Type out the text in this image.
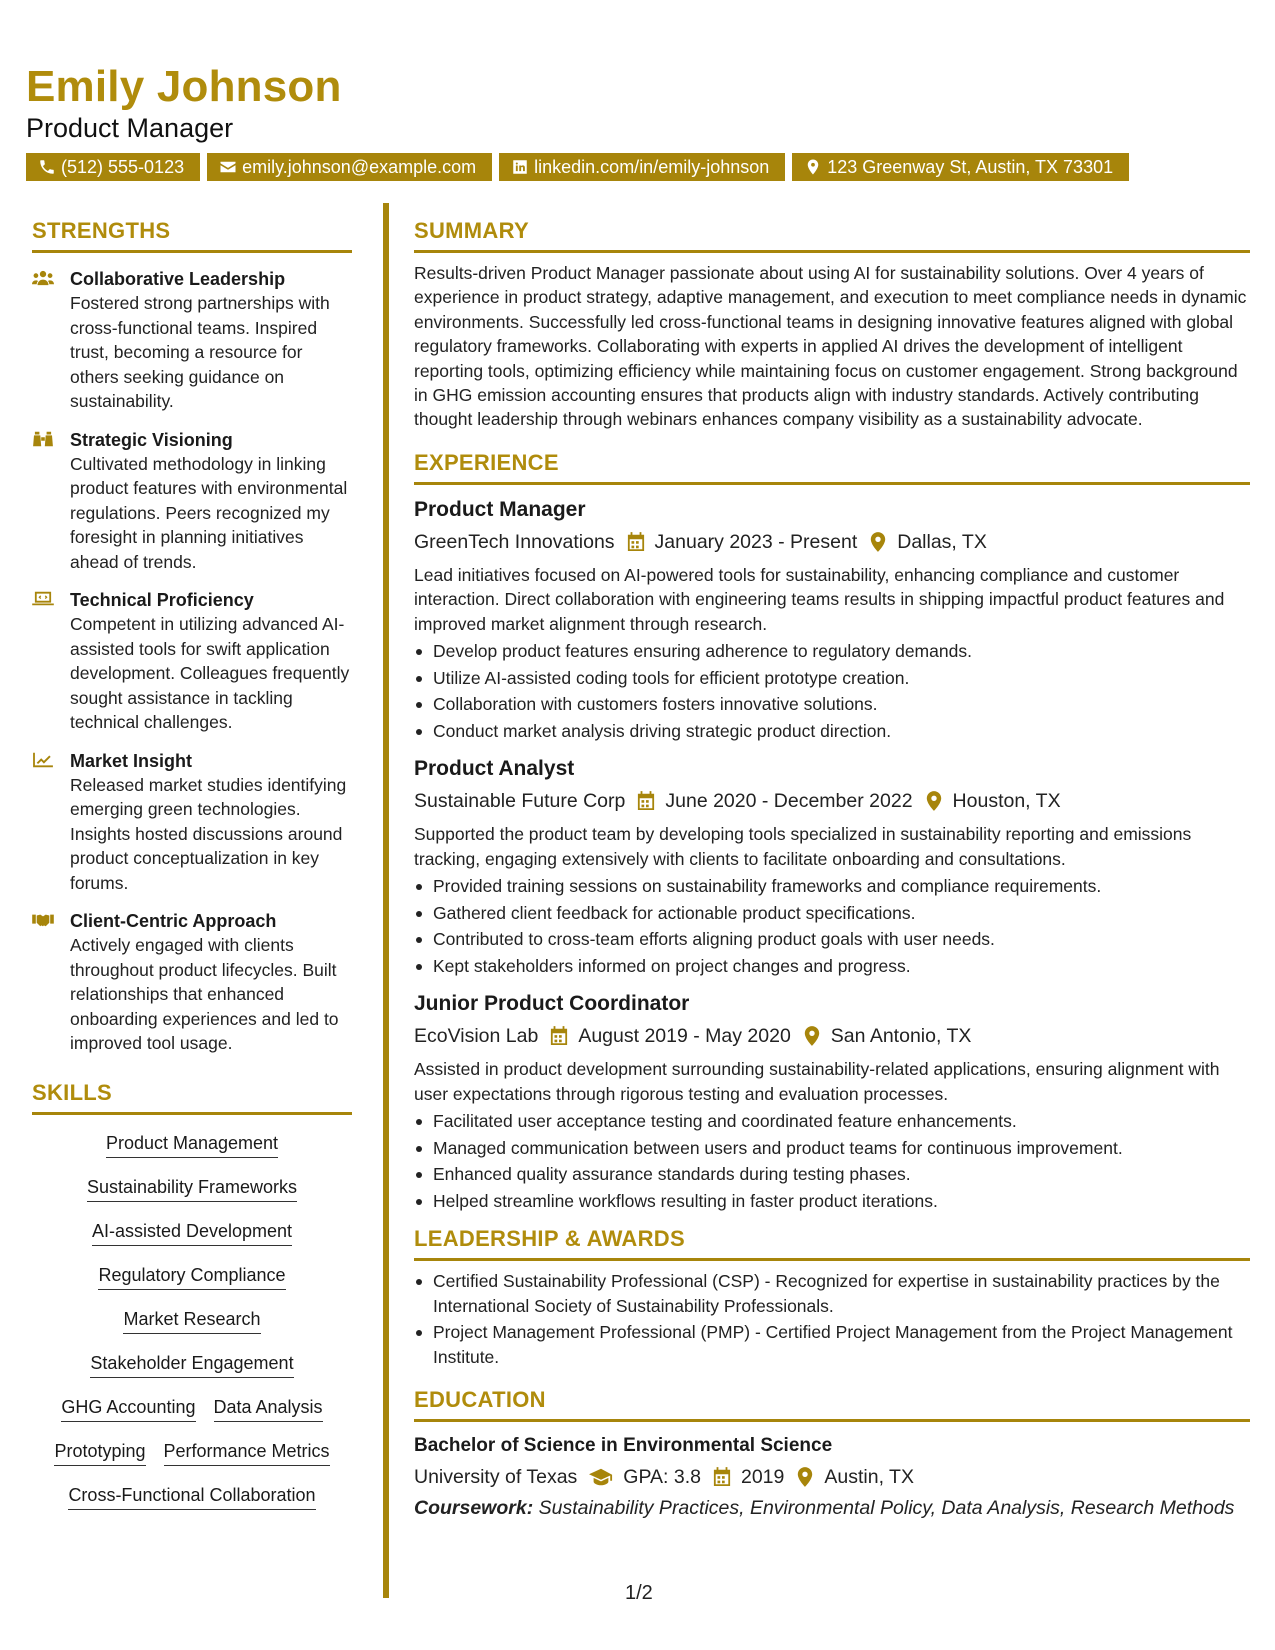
Emily Johnson
Product Manager
(512) 555-0123	emily.johnson@example.com	linkedin.com/in/emily-johnson	123 Greenway St, Austin, TX 73301
STRENGTHS
Collaborative Leadership
Fostered strong partnerships with cross-functional teams. Inspired trust, becoming a resource for others seeking guidance on sustainability.
Strategic Visioning
Cultivated methodology in linking product features with environmental regulations. Peers recognized my foresight in planning initiatives ahead of trends.
Technical Proficiency
Competent in utilizing advanced AI-assisted tools for swift application development. Colleagues frequently sought assistance in tackling technical challenges.
Market Insight
Released market studies identifying emerging green technologies. Insights hosted discussions around product conceptualization in key forums.
Client-Centric Approach
Actively engaged with clients throughout product lifecycles. Built relationships that enhanced onboarding experiences and led to improved tool usage.
SKILLS
Product Management
Sustainability Frameworks
AI-assisted Development
Regulatory Compliance
Market Research
Stakeholder Engagement
GHG Accounting Data Analysis
Prototyping Performance Metrics
Cross-Functional Collaboration
SUMMARY
Results-driven Product Manager passionate about using AI for sustainability solutions. Over 4 years of experience in product strategy, adaptive management, and execution to meet compliance needs in dynamic environments. Successfully led cross-functional teams in designing innovative features aligned with global regulatory frameworks. Collaborating with experts in applied AI drives the development of intelligent reporting tools, optimizing efficiency while maintaining focus on customer engagement. Strong background in GHG emission accounting ensures that products align with industry standards. Actively contributing thought leadership through webinars enhances company visibility as a sustainability advocate.
EXPERIENCE
Product Manager
GreenTech Innovations January 2023 - Present Dallas, TX
Lead initiatives focused on AI-powered tools for sustainability, enhancing compliance and customer interaction. Direct collaboration with engineering teams results in shipping impactful product features and improved market alignment through research.
Develop product features ensuring adherence to regulatory demands.
Utilize AI-assisted coding tools for efficient prototype creation.
Collaboration with customers fosters innovative solutions.
Conduct market analysis driving strategic product direction.
Product Analyst
Sustainable Future Corp June 2020 - December 2022 Houston, TX
Supported the product team by developing tools specialized in sustainability reporting and emissions tracking, engaging extensively with clients to facilitate onboarding and consultations.
Provided training sessions on sustainability frameworks and compliance requirements.
Gathered client feedback for actionable product specifications.
Contributed to cross-team efforts aligning product goals with user needs.
Kept stakeholders informed on project changes and progress.
Junior Product Coordinator
EcoVision Lab August 2019 - May 2020 San Antonio, TX
Assisted in product development surrounding sustainability-related applications, ensuring alignment with user expectations through rigorous testing and evaluation processes.
Facilitated user acceptance testing and coordinated feature enhancements.
Managed communication between users and product teams for continuous improvement.
Enhanced quality assurance standards during testing phases.
Helped streamline workflows resulting in faster product iterations.
LEADERSHIP & AWARDS
Certified Sustainability Professional (CSP) - Recognized for expertise in sustainability practices by the International Society of Sustainability Professionals.
Project Management Professional (PMP) - Certified Project Management from the Project Management Institute.
EDUCATION
Bachelor of Science in Environmental Science
University of Texas GPA: 3.8 2019 Austin, TX
Coursework: Sustainability Practices, Environmental Policy, Data Analysis, Research Methods
1/2
